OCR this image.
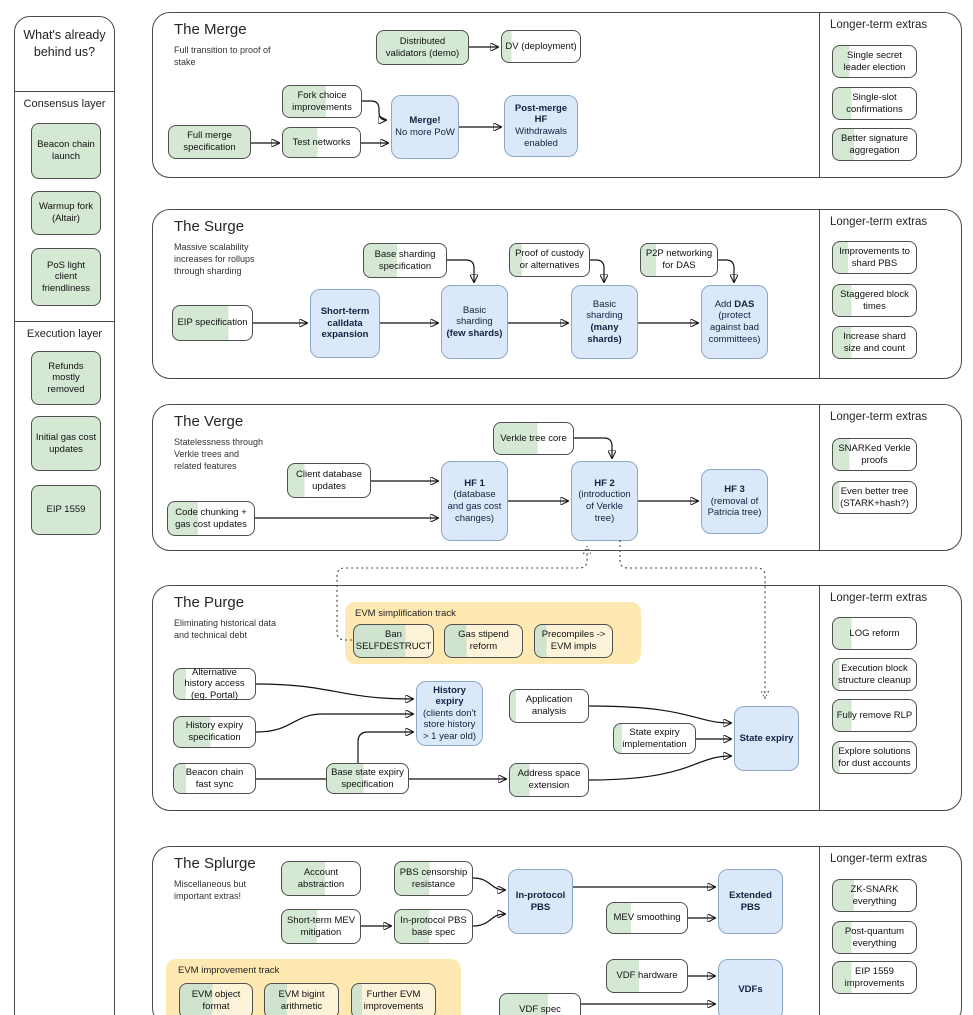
What's already behind us?
Consensus layer
Beacon chain launch
Warmup fork (Altair)
PoS light client friendliness
Execution layer
Refunds mostly removed
Initial gas cost updates
EIP 1559
The Merge
Full transition to proof of stake
Distributed validators (demo)
DV (deployment)
Fork choice improvements
Full merge specification	Test networks
Merge!
No more PoW
Post-merge HF
Withdrawals enabled
Longer-term extras
Single secret leader election
Single-slot confirmations
Better signature aggregation
The Surge
Massive scalability increases for rollups through sharding
Base sharding specification
Proof of custody or alternatives
P2P networking for DAS
EIP specification
Short-term calldata expansion
Basic sharding
(few shards)
Basic sharding
(many shards)
Add DAS
(protect against bad committees)
Longer-term extras
Improvements to shard PBS
Staggered block times
Increase shard size and count
The Verge
Statelessness through Verkle trees and related features
Verkle tree core
Client database updates
Code chunking + gas cost updates
HF 1
(database and gas cost changes)
HF 2
(introduction of Verkle tree)
HF 3
(removal of Patricia tree)
Longer-term extras
SNARKed Verkle proofs
Even better tree (STARK+hash?)
The Purge
Eliminating historical data and technical debt
EVM simplification track
Ban SELFDESTRUCT
Gas stipend reform
Precompiles -> EVM impls
Alternative history access (eg. Portal)
History expiry specification
Beacon chain fast sync
History expiry
(clients don't store history > 1 year old)
Application analysis
State expiry implementation
Base state expiry specification
Address space extension
State expiry
Longer-term extras
LOG reform
Execution block structure cleanup
Fully remove RLP
Explore solutions for dust accounts
The Splurge
Miscellaneous but important extras!
EVM improvement track
Account abstraction
PBS censorship resistance
Short-term MEV mitigation
In-protocol PBS base spec
In-protocol PBS
MEV smoothing
Extended PBS
EVM object format
EVM bigint arithmetic
Further EVM improvements	VDF spec
VDF hardware
VDFs
Longer-term extras
ZK-SNARK everything
Post-quantum everything
EIP 1559 improvements
